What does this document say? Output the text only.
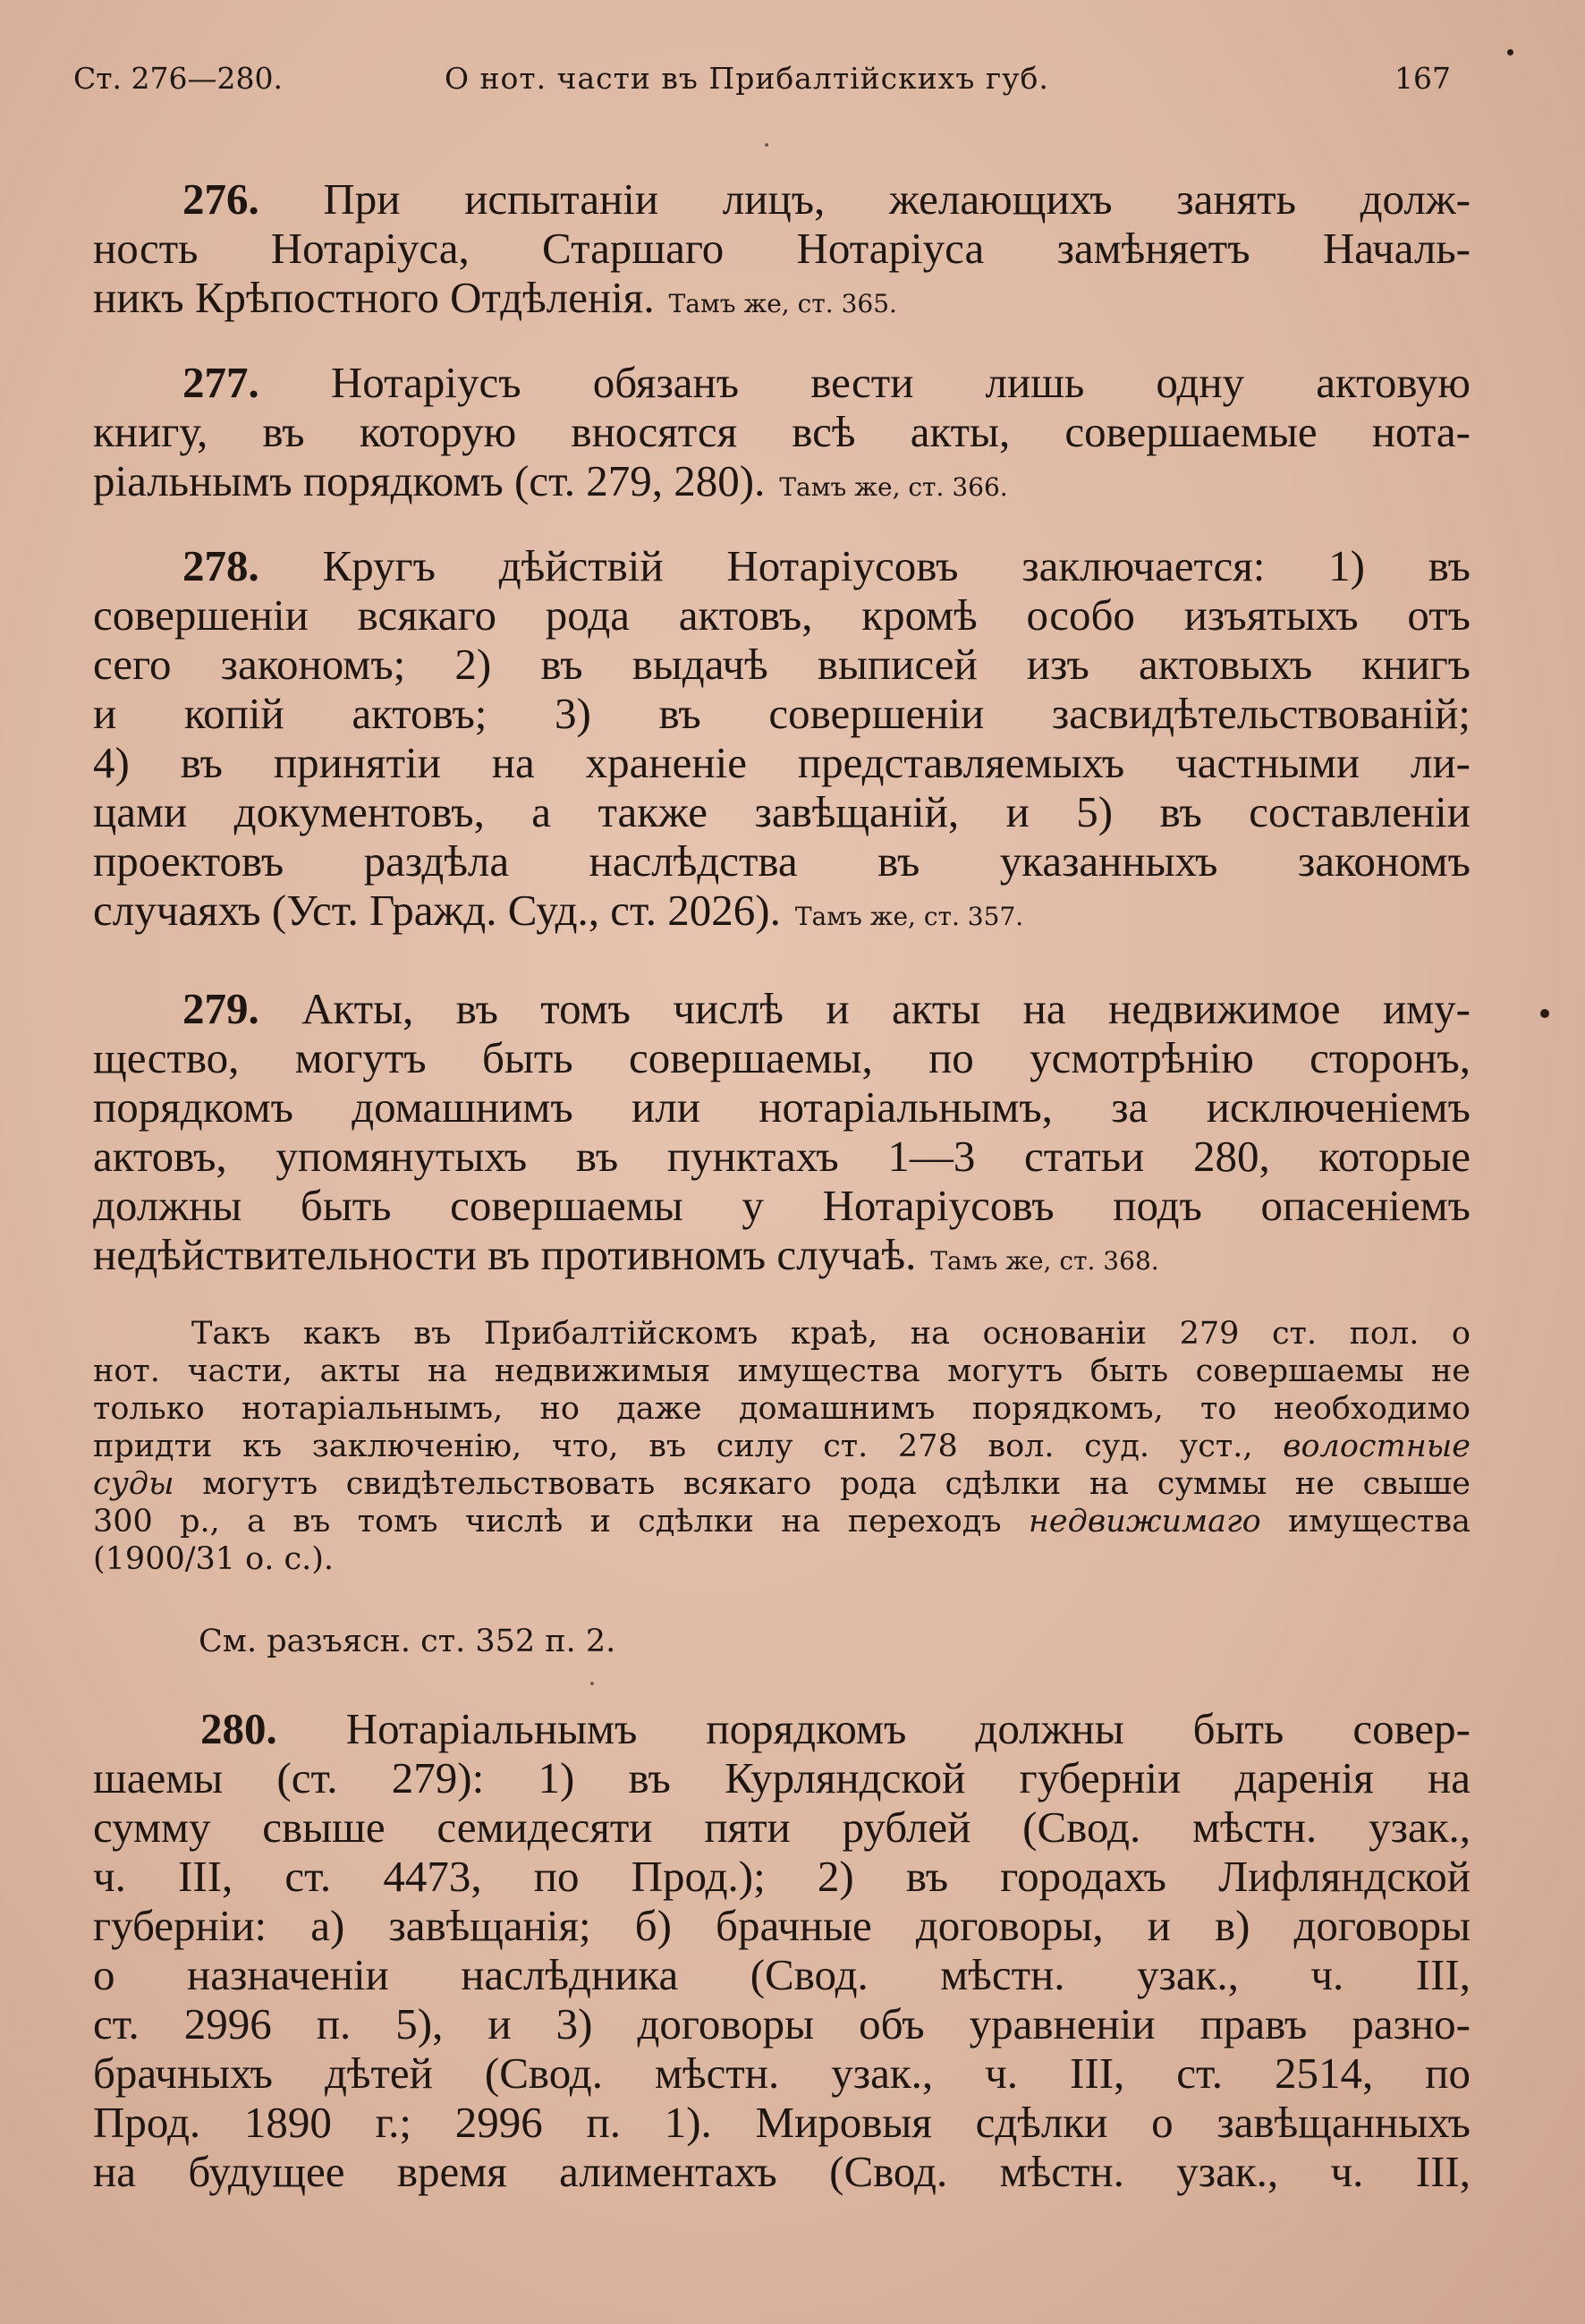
Ст. 276—280.	О нот. части въ Прибалтійскихъ губ.	167
276. При испытаніи лицъ, желающихъ занять долж-
ность Нотаріуса, Старшаго Нотаріуса замѣняетъ Началь-
никъ Крѣпостного Отдѣленія. Тамъ же, ст. 365.
277. Нотаріусъ обязанъ вести лишь одну актовую
книгу, въ которую вносятся всѣ акты, совершаемые нота-
ріальнымъ порядкомъ (ст. 279, 280). Тамъ же, ст. 366.
278. Кругъ дѣйствій Нотаріусовъ заключается: 1) въ
совершеніи всякаго рода актовъ, кромѣ особо изъятыхъ отъ
сего закономъ; 2) въ выдачѣ выписей изъ актовыхъ книгъ
и копій актовъ; 3) въ совершеніи засвидѣтельствованій;
4) въ принятіи на храненіе представляемыхъ частными ли-
цами документовъ, а также завѣщаній, и 5) въ составленіи
проектовъ раздѣла наслѣдства въ указанныхъ закономъ
случаяхъ (Уст. Гражд. Суд., ст. 2026). Тамъ же, ст. 357.
279. Акты, въ томъ числѣ и акты на недвижимое иму-
щество, могутъ быть совершаемы, по усмотрѣнію сторонъ,
порядкомъ домашнимъ или нотаріальнымъ, за исключеніемъ
актовъ, упомянутыхъ въ пунктахъ 1—3 статьи 280, которые
должны быть совершаемы у Нотаріусовъ подъ опасеніемъ
недѣйствительности въ противномъ случаѣ. Тамъ же, ст. 368.
Такъ какъ въ Прибалтійскомъ краѣ, на основаніи 279 ст. пол. о
нот. части, акты на недвижимыя имущества могутъ быть совершаемы не
только нотаріальнымъ, но даже домашнимъ порядкомъ, то необходимо
придти къ заключенію, что, въ силу ст. 278 вол. суд. уст., волостные
суды могутъ свидѣтельствовать всякаго рода сдѣлки на суммы не свыше
300 р., а въ томъ числѣ и сдѣлки на переходъ недвижимаго имущества
(1900/31 о. с.).
См. разъясн. ст. 352 п. 2.
280. Нотаріальнымъ порядкомъ должны быть совер-
шаемы (ст. 279): 1) въ Курляндской губерніи даренія на
сумму свыше семидесяти пяти рублей (Свод. мѣстн. узак.,
ч. III, ст. 4473, по Прод.); 2) въ городахъ Лифляндской
губерніи: а) завѣщанія; б) брачные договоры, и в) договоры
о назначеніи наслѣдника (Свод. мѣстн. узак., ч. III,
ст. 2996 п. 5), и 3) договоры объ уравненіи правъ разно-
брачныхъ дѣтей (Свод. мѣстн. узак., ч. III, ст. 2514, по
Прод. 1890 г.; 2996 п. 1). Мировыя сдѣлки о завѣщанныхъ
на будущее время алиментахъ (Свод. мѣстн. узак., ч. III,
